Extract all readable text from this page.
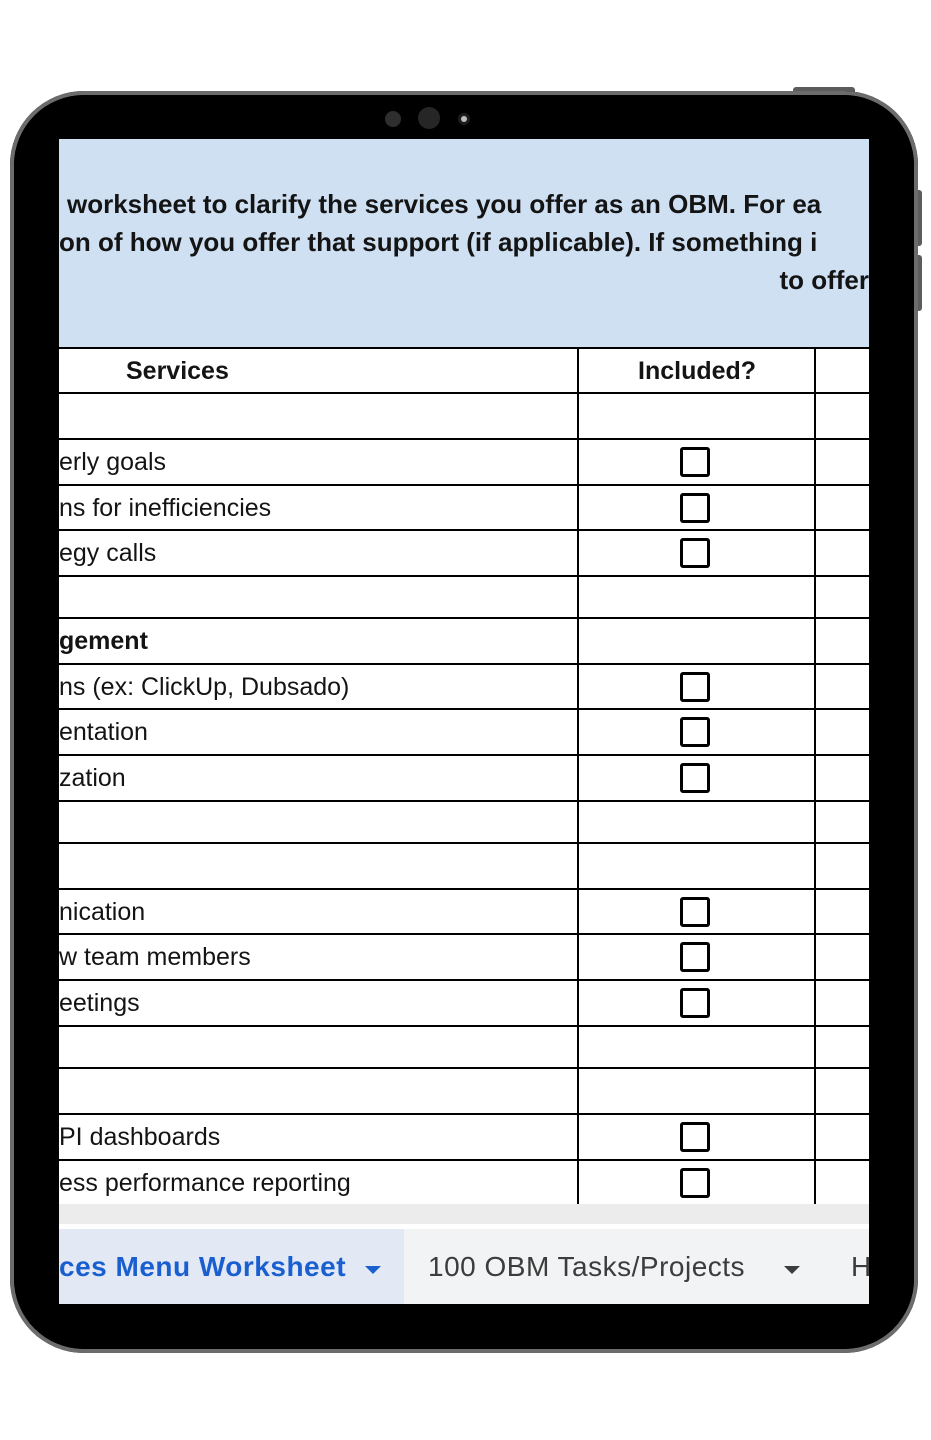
worksheet to clarify the services you offer as an OBM. For ea
on of how you offer that support (if applicable). If something i
to offer
Services	Included?
erly goals
ns for inefficiencies
egy calls
gement
ns (ex: ClickUp, Dubsado)
entation
zation
nication
w team members
eetings
PI dashboards
ess performance reporting
ces Menu Worksheet	100 OBM Tasks/Projects	H
